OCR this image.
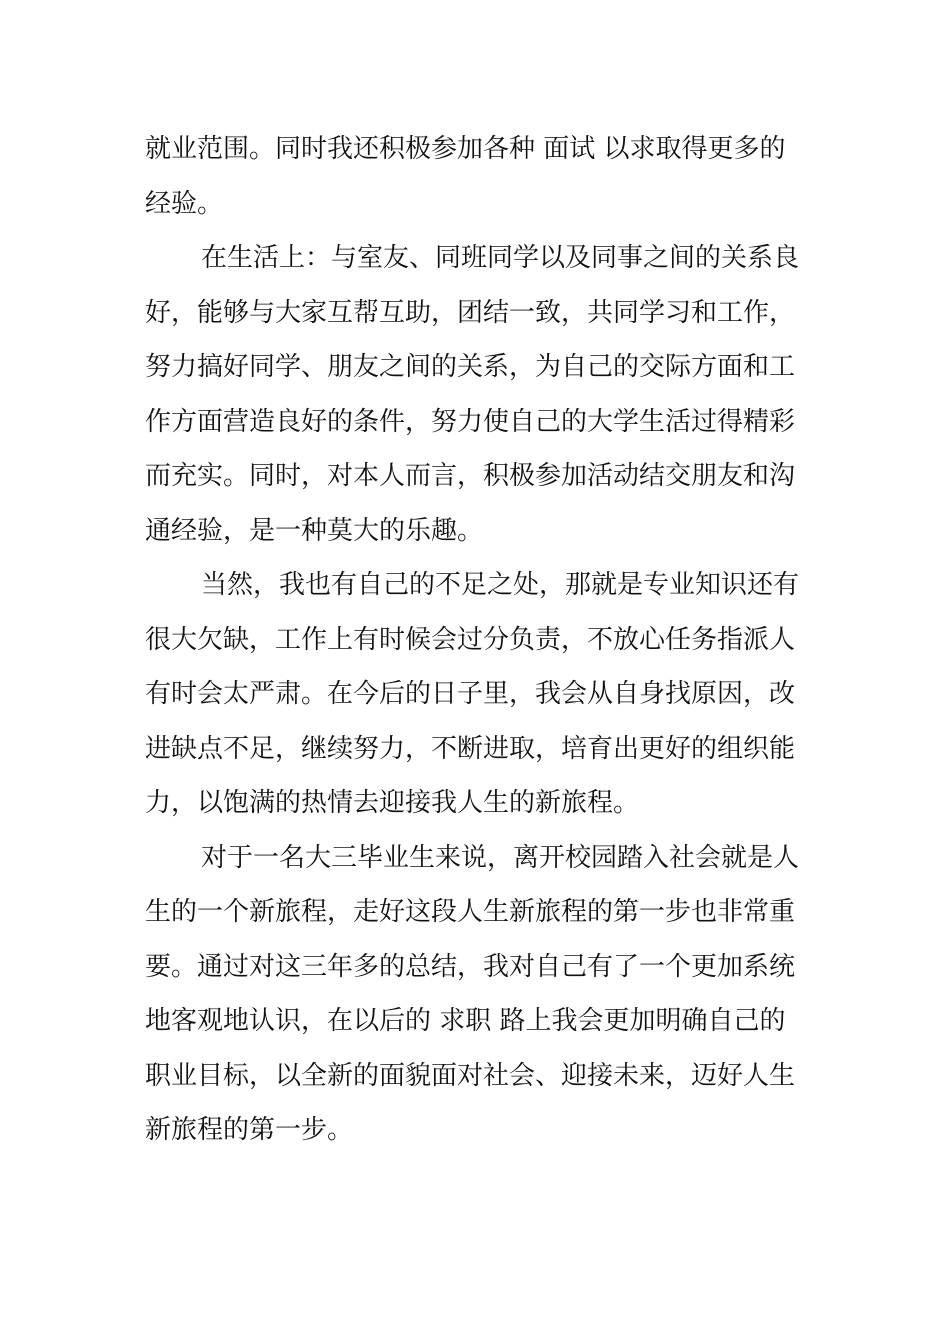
就业范围。同时我还积极参加各种 面试 以求取得更多的
经验。
在生活上：与室友、同班同学以及同事之间的关系良
好，能够与大家互帮互助，团结一致，共同学习和工作，
努力搞好同学、朋友之间的关系，为自己的交际方面和工
作方面营造良好的条件，努力使自己的大学生活过得精彩
而充实。同时，对本人而言，积极参加活动结交朋友和沟
通经验，是一种莫大的乐趣。
当然，我也有自己的不足之处，那就是专业知识还有
很大欠缺，工作上有时候会过分负责，不放心任务指派人
有时会太严肃。在今后的日子里，我会从自身找原因，改
进缺点不足，继续努力，不断进取，培育出更好的组织能
力，以饱满的热情去迎接我人生的新旅程。
对于一名大三毕业生来说，离开校园踏入社会就是人
生的一个新旅程，走好这段人生新旅程的第一步也非常重
要。通过对这三年多的总结，我对自己有了一个更加系统
地客观地认识，在以后的 求职 路上我会更加明确自己的
职业目标，以全新的面貌面对社会、迎接未来，迈好人生
新旅程的第一步。
